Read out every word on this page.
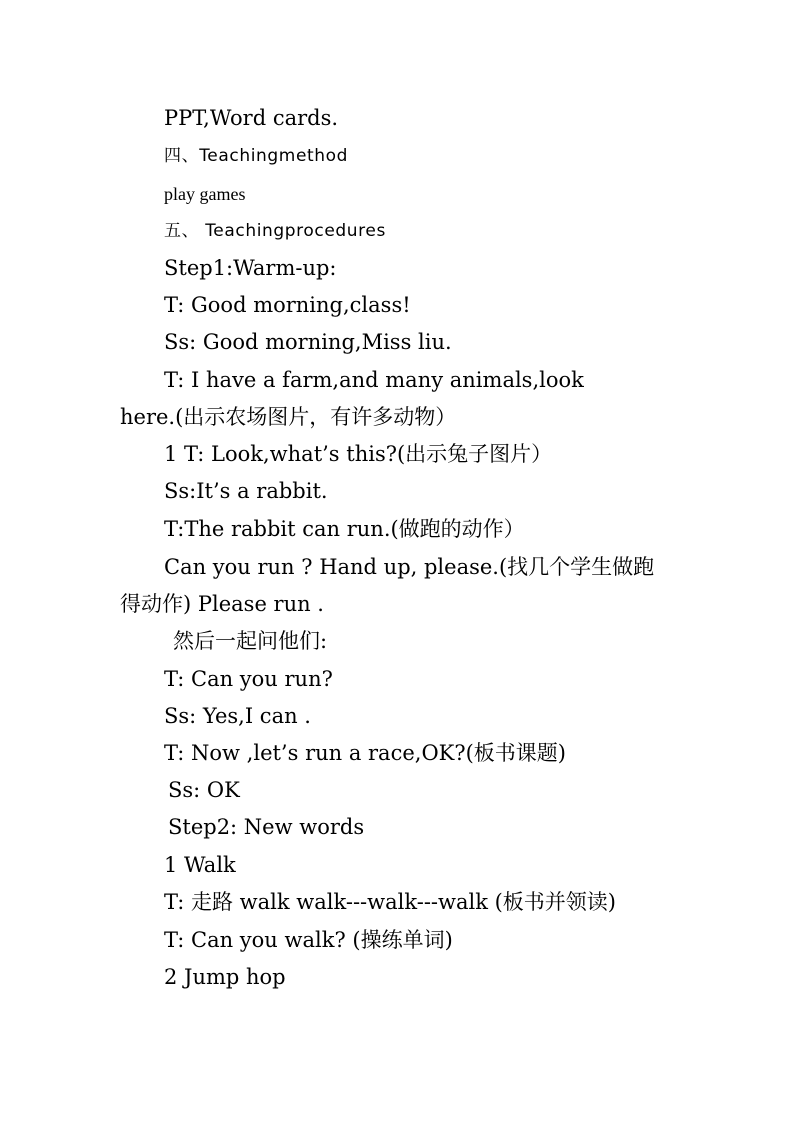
PPT,Word cards.
四、Teachingmethod
play games
五、 Teachingprocedures
Step1:Warm-up:
T: Good morning,class!
Ss: Good morning,Miss liu.
T: I have a farm,and many animals,look
here.(出示农场图片，有许多动物）
1 T: Look,what’s this?(出示兔子图片）
Ss:It’s a rabbit.
T:The rabbit can run.(做跑的动作）
Can you run ? Hand up, please.(找几个学生做跑
得动作) Please run .
然后一起问他们:
T: Can you run?
Ss: Yes,I can .
T: Now ,let’s run a race,OK?(板书课题)
Ss: OK
Step2: New words
1 Walk
T: 走路 walk walk---walk---walk (板书并领读)
T: Can you walk? (操练单词)
2 Jump hop
